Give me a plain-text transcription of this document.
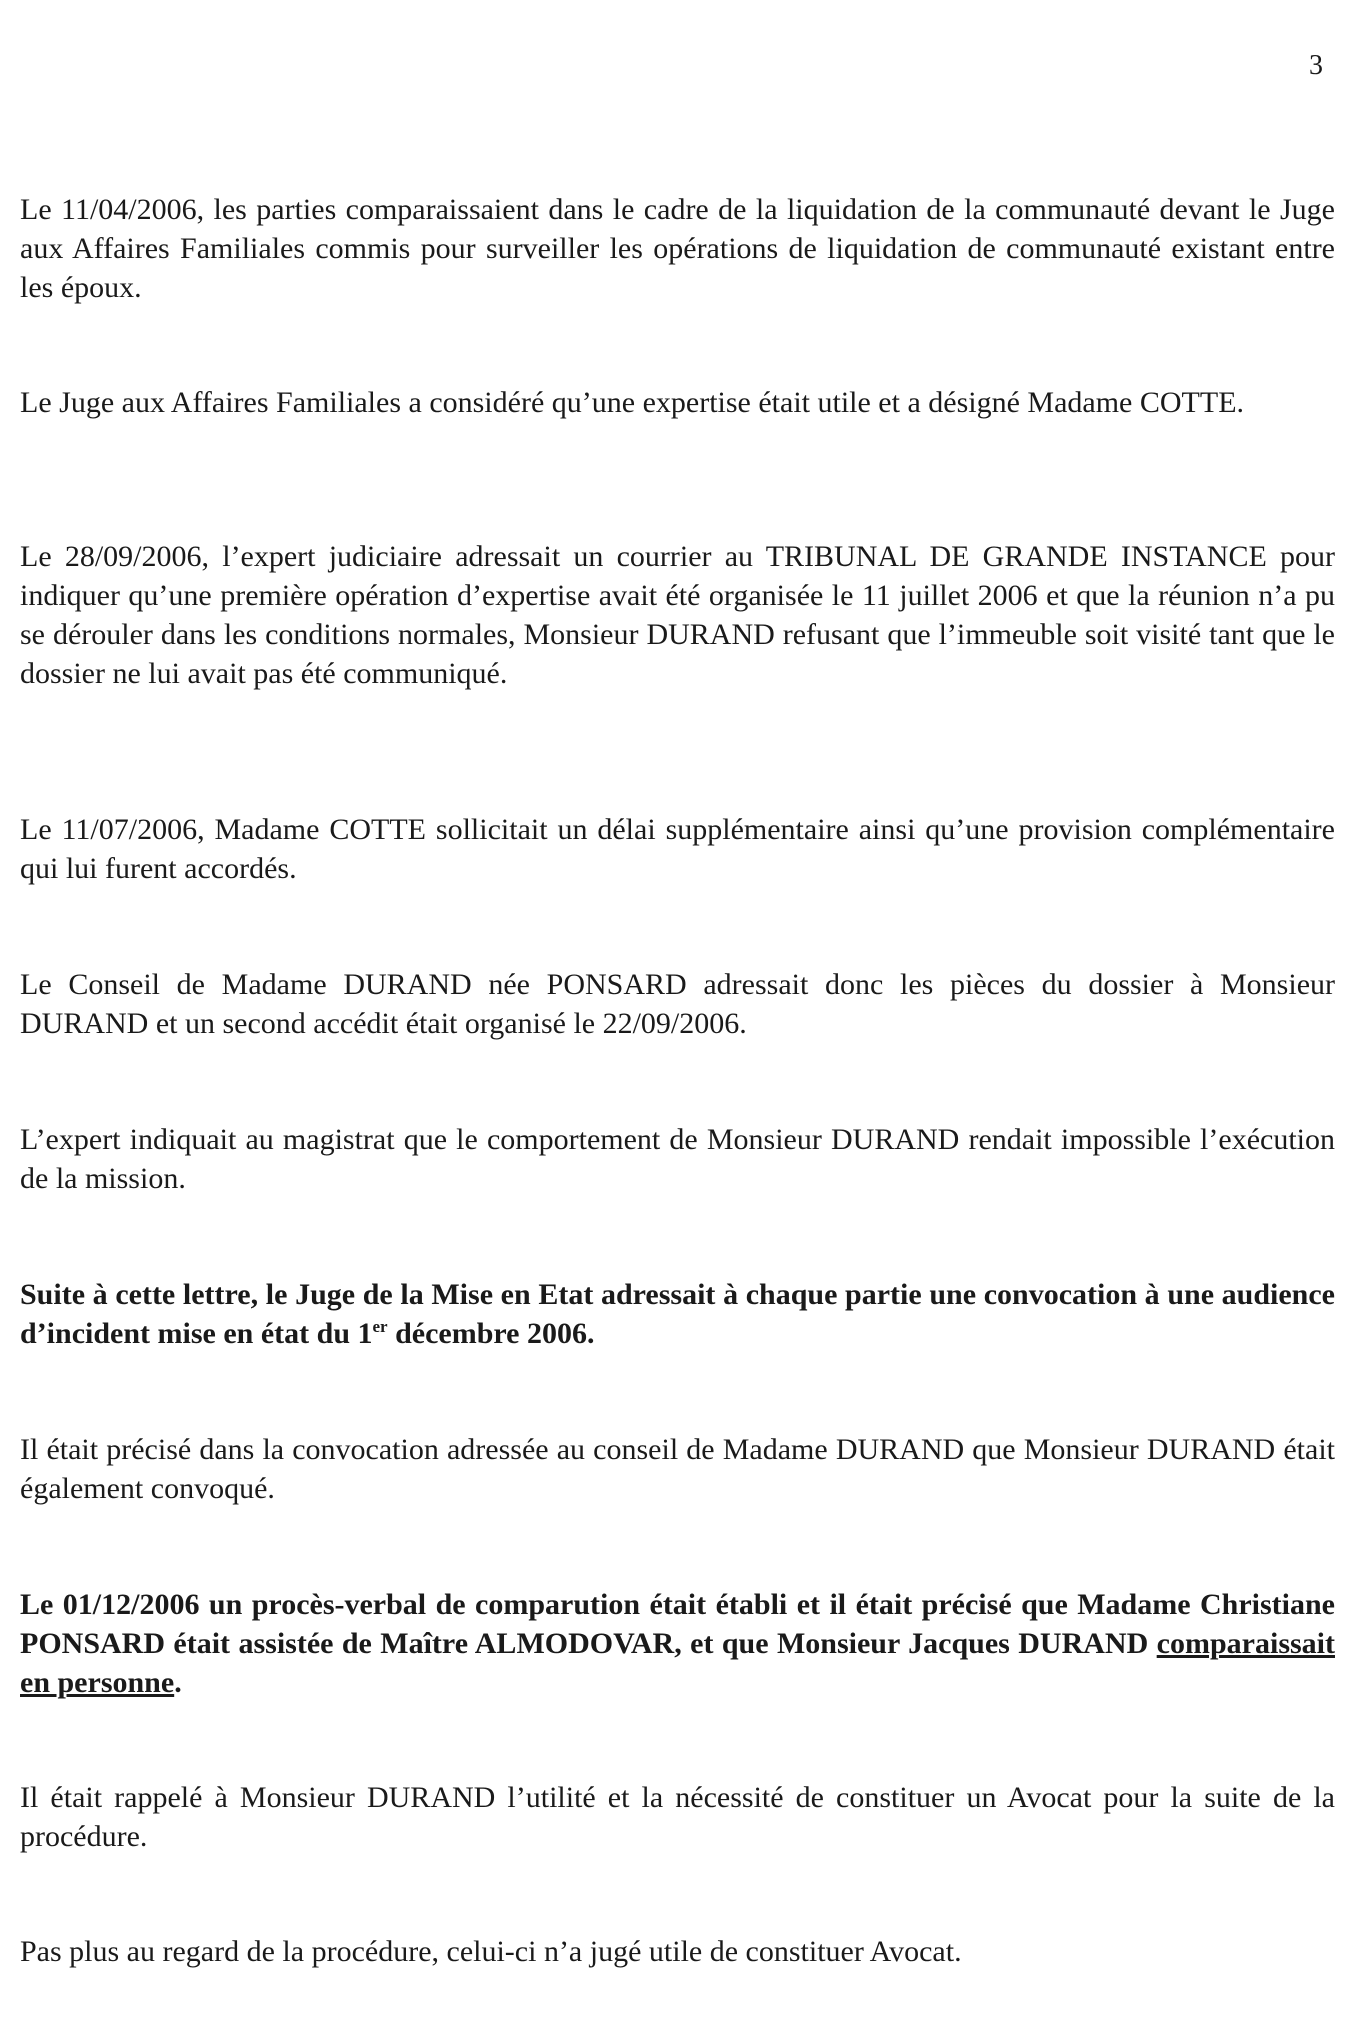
3

Le 11/04/2006, les parties comparaissaient dans le cadre de la liquidation de la communauté devant le Juge aux Affaires Familiales commis pour surveiller les opérations de liquidation de communauté existant entre les époux.

Le Juge aux Affaires Familiales a considéré qu’une expertise était utile et a désigné Madame COTTE.

Le 28/09/2006, l’expert judiciaire adressait un courrier au TRIBUNAL DE GRANDE INSTANCE pour indiquer qu’une première opération d’expertise avait été organisée le 11 juillet 2006 et que la réunion n’a pu se dérouler dans les conditions normales, Monsieur DURAND refusant que l’immeuble soit visité tant que le dossier ne lui avait pas été communiqué.

Le 11/07/2006, Madame COTTE sollicitait un délai supplémentaire ainsi qu’une provision complémentaire qui lui furent accordés.

Le Conseil de Madame DURAND née PONSARD adressait donc les pièces du dossier à Monsieur DURAND et un second accédit était organisé le 22/09/2006.

L’expert indiquait au magistrat que le comportement de Monsieur DURAND rendait impossible l’exécution de la mission.

Suite à cette lettre, le Juge de la Mise en Etat adressait à chaque partie une convocation à une audience d’incident mise en état du 1er décembre 2006.

Il était précisé dans la convocation adressée au conseil de Madame DURAND que Monsieur DURAND était également convoqué.

Le 01/12/2006 un procès-verbal de comparution était établi et il était précisé que Madame Christiane PONSARD était assistée de Maître ALMODOVAR, et que Monsieur Jacques DURAND comparaissait en personne.

Il était rappelé à Monsieur DURAND l’utilité et la nécessité de constituer un Avocat pour la suite de la procédure.

Pas plus au regard de la procédure, celui-ci n’a jugé utile de constituer Avocat.
